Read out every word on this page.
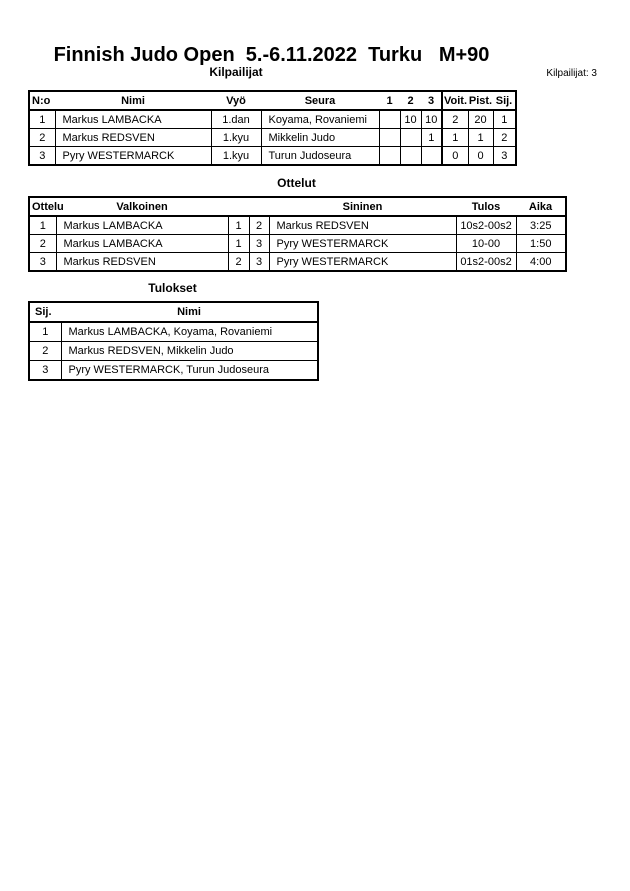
Finnish Judo Open  5.-6.11.2022  Turku   M+90
Kilpailijat	Kilpailijat: 3
N:o	Nimi	Vyö	Seura	1	2	3	Voit.	Pist.	Sij.
1	Markus LAMBACKA	1.dan	Koyama, Rovaniemi		10	10	2	20	1
2	Markus REDSVEN	1.kyu	Mikkelin Judo			1	1	1	2
3	Pyry WESTERMARCK	1.kyu	Turun Judoseura				0	0	3
Ottelut
Ottelu	Valkoinen			Sininen	Tulos	Aika
1	Markus LAMBACKA	1	2	Markus REDSVEN	10s2-00s2	3:25
2	Markus LAMBACKA	1	3	Pyry WESTERMARCK	10-00	1:50
3	Markus REDSVEN	2	3	Pyry WESTERMARCK	01s2-00s2	4:00
Tulokset
Sij.	Nimi
1	Markus LAMBACKA, Koyama, Rovaniemi
2	Markus REDSVEN, Mikkelin Judo
3	Pyry WESTERMARCK, Turun Judoseura
